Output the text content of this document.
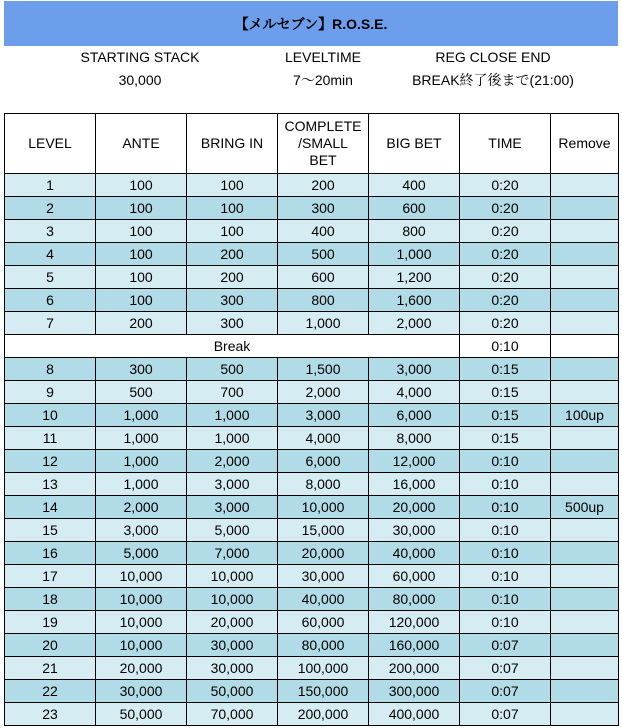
【メルセブン】R.O.S.E.
STARTING STACK
30,000
LEVELTIME
7～20min
REG CLOSE END
BREAK終了後まで(21:00)
LEVEL	ANTE	BRING IN	COMPLETE
/SMALL
BET	BIG BET	TIME	Remove
1	100	100	200	400	0:20	
2	100	100	300	600	0:20	
3	100	100	400	800	0:20	
4	100	200	500	1,000	0:20	
5	100	200	600	1,200	0:20	
6	100	300	800	1,600	0:20	
7	200	300	1,000	2,000	0:20	
Break					0:10	
8	300	500	1,500	3,000	0:15	
9	500	700	2,000	4,000	0:15	
10	1,000	1,000	3,000	6,000	0:15	100up
11	1,000	1,000	4,000	8,000	0:15	
12	1,000	2,000	6,000	12,000	0:10	
13	1,000	3,000	8,000	16,000	0:10	
14	2,000	3,000	10,000	20,000	0:10	500up
15	3,000	5,000	15,000	30,000	0:10	
16	5,000	7,000	20,000	40,000	0:10	
17	10,000	10,000	30,000	60,000	0:10	
18	10,000	10,000	40,000	80,000	0:10	
19	10,000	20,000	60,000	120,000	0:10	
20	10,000	30,000	80,000	160,000	0:07	
21	20,000	30,000	100,000	200,000	0:07	
22	30,000	50,000	150,000	300,000	0:07	
23	50,000	70,000	200,000	400,000	0:07	
